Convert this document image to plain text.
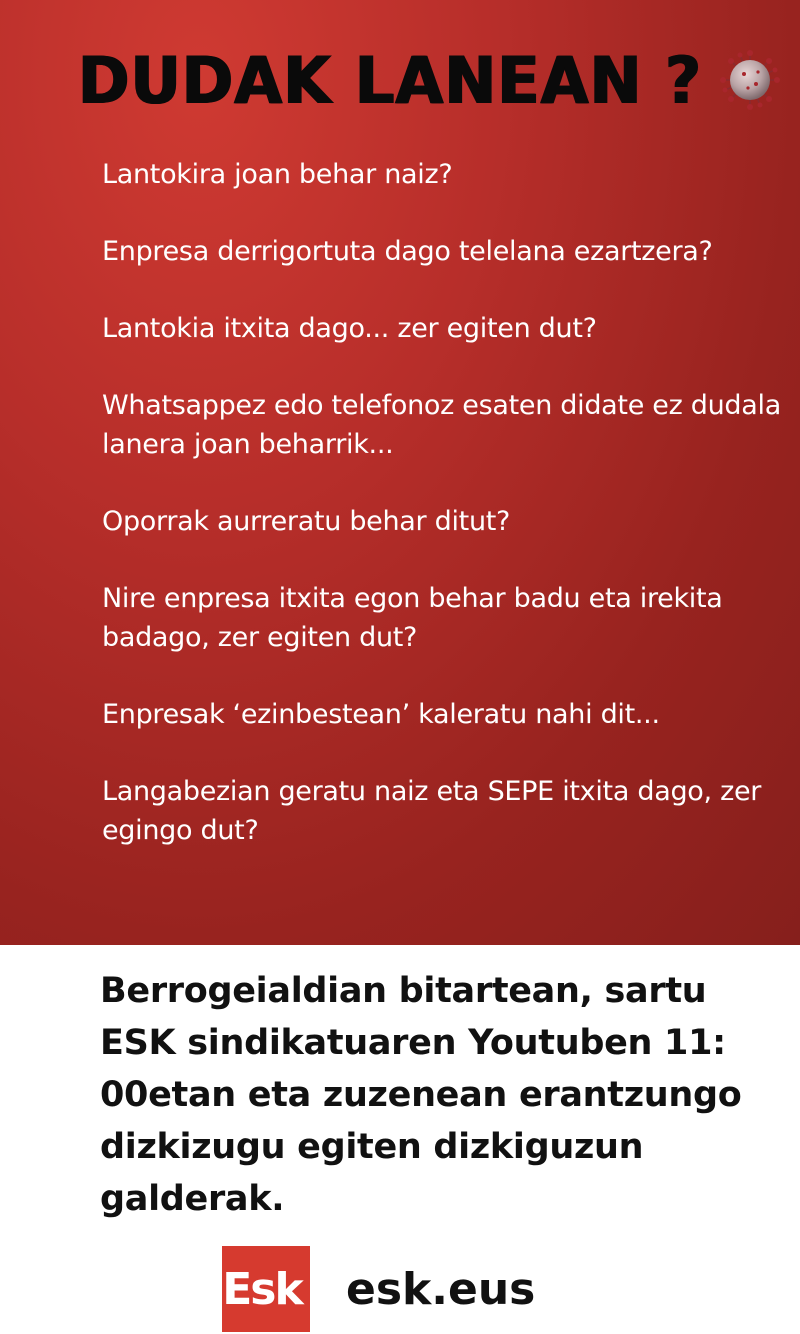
DUDAK LANEAN ?
Lantokira joan behar naiz?
Enpresa derrigortuta dago telelana ezartzera?
Lantokia itxita dago... zer egiten dut?
Whatsappez edo telefonoz esaten didate ez dudala lanera joan beharrik...
Oporrak aurreratu behar ditut?
Nire enpresa itxita egon behar badu eta irekita badago, zer egiten dut?
Enpresak ‘ezinbestean’ kaleratu nahi dit...
Langabezian geratu naiz eta SEPE itxita dago, zer egingo dut?

Berrogeialdian bitartean, sartu ESK sindikatuaren Youtuben 11: 00etan eta zuzenean erantzungo dizkizugu egiten dizkiguzun galderak.

Esk esk.eus
